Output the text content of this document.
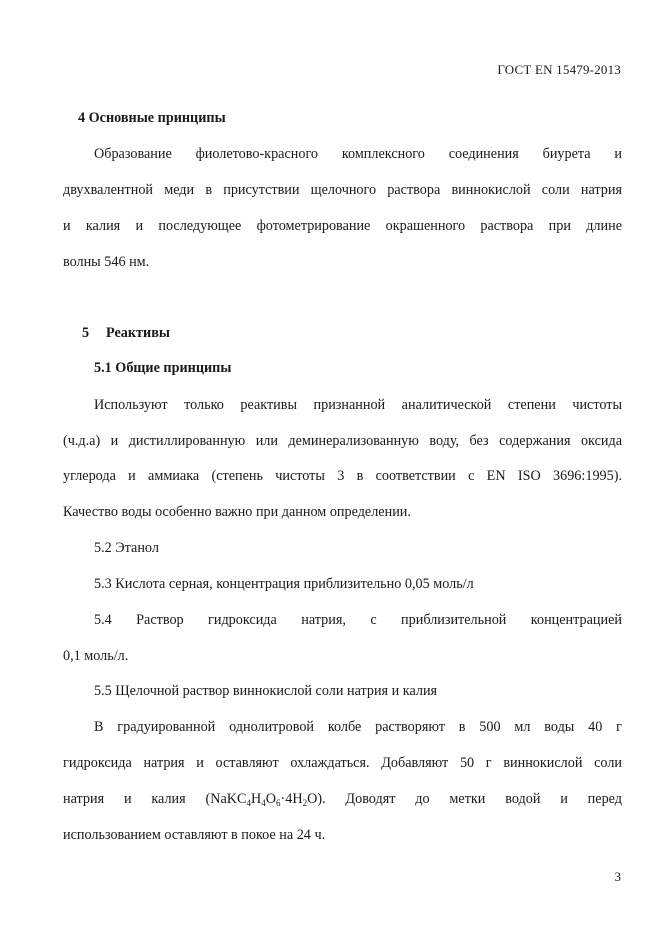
ГОСТ EN 15479-2013
4 Основные принципы
Образование фиолетово-красного комплексного соединения биурета и
двухвалентной меди в присутствии щелочного раствора виннокислой соли натрия
и калия и последующее фотометрирование окрашенного раствора при длине
волны 546 нм.
5 Реактивы
5.1 Общие принципы
Используют только реактивы признанной аналитической степени чистоты
(ч.д.а) и дистиллированную или деминерализованную воду, без содержания оксида
углерода и аммиака (степень чистоты 3 в соответствии с EN ISO 3696:1995).
Качество воды особенно важно при данном определении.
5.2 Этанол
5.3 Кислота серная, концентрация приблизительно 0,05 моль/л
5.4 Раствор гидроксида натрия, с приблизительной концентрацией
0,1 моль/л.
5.5 Щелочной раствор виннокислой соли натрия и калия
В градуированной однолитровой колбе растворяют в 500 мл воды 40 г
гидроксида натрия и оставляют охлаждаться. Добавляют 50 г виннокислой соли
натрия и калия $(NaKC_4H_4O_6\cdot 4H_2O)$. Доводят до метки водой и перед
использованием оставляют в покое на 24 ч.
3
